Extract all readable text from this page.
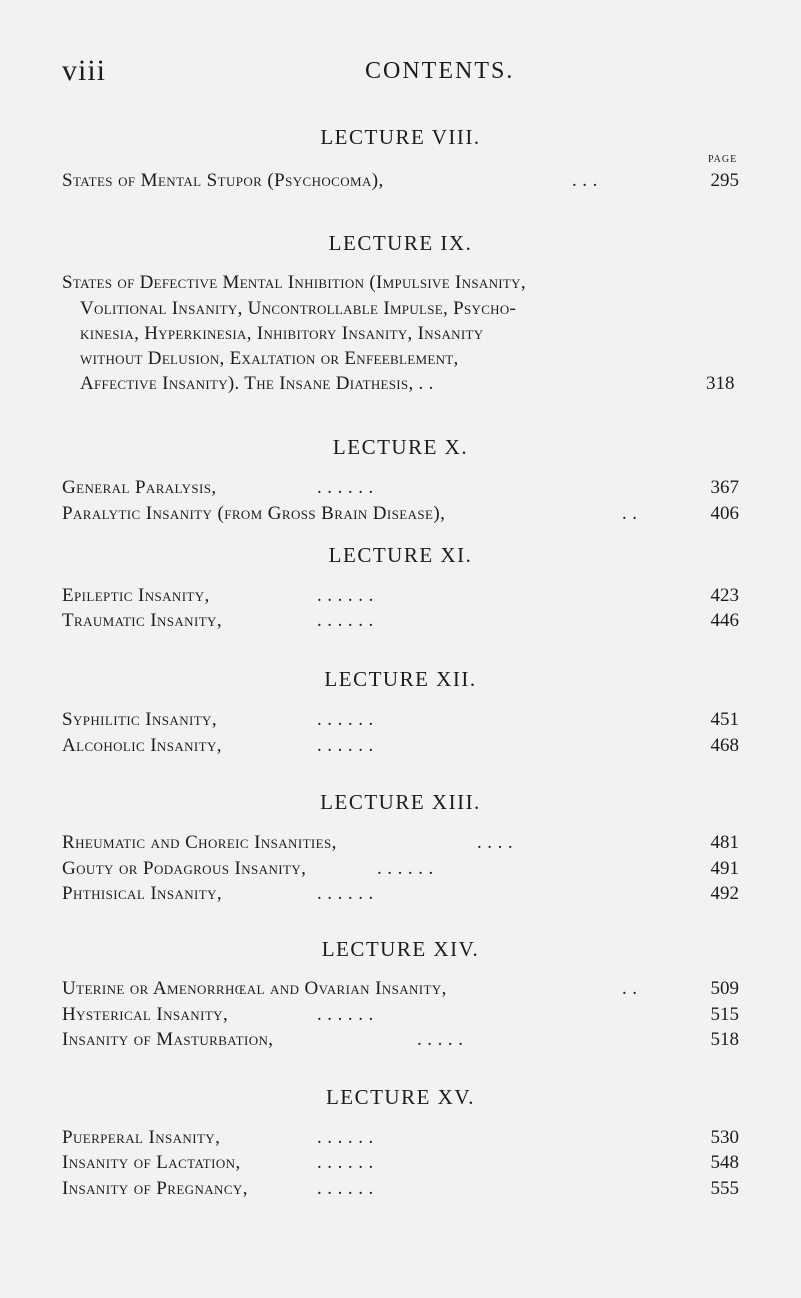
viii	CONTENTS.
LECTURE VIII.
PAGE
States of Mental Stupor (Psychocoma),	. . .	295
LECTURE IX.
States of Defective Mental Inhibition (Impulsive Insanity,
Volitional Insanity, Uncontrollable Impulse, Psycho-
kinesia, Hyperkinesia, Inhibitory Insanity, Insanity
without Delusion, Exaltation or Enfeeblement,
Affective Insanity). The Insane Diathesis, . .	318
LECTURE X.
General Paralysis,	. . . . . .	367
Paralytic Insanity (from Gross Brain Disease),	. .	406
LECTURE XI.
Epileptic Insanity,	. . . . . .	423
Traumatic Insanity,	. . . . . .	446
LECTURE XII.
Syphilitic Insanity,	. . . . . .	451
Alcoholic Insanity,	. . . . . .	468
LECTURE XIII.
Rheumatic and Choreic Insanities,	. . . .	481
Gouty or Podagrous Insanity,	. . . . . .	491
Phthisical Insanity,	. . . . . .	492
LECTURE XIV.
Uterine or Amenorrhœal and Ovarian Insanity,	. .	509
Hysterical Insanity,	. . . . . .	515
Insanity of Masturbation,	. . . . .	518
LECTURE XV.
Puerperal Insanity,	. . . . . .	530
Insanity of Lactation,	. . . . . .	548
Insanity of Pregnancy,	. . . . . .	555
